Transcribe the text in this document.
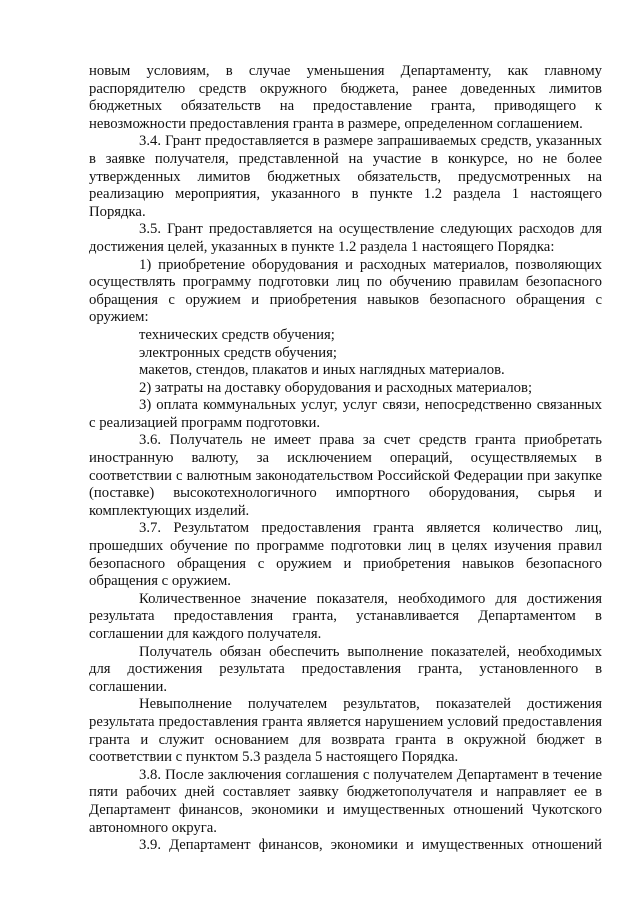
новым условиям, в случае уменьшения Департаменту, как главному распорядителю средств окружного бюджета, ранее доведенных лимитов бюджетных обязательств на предоставление гранта, приводящего к невозможности предоставления гранта в размере, определенном соглашением.

3.4. Грант предоставляется в размере запрашиваемых средств, указанных в заявке получателя, представленной на участие в конкурсе, но не более утвержденных лимитов бюджетных обязательств, предусмотренных на реализацию мероприятия, указанного в пункте 1.2 раздела 1 настоящего Порядка.

3.5. Грант предоставляется на осуществление следующих расходов для достижения целей, указанных в пункте 1.2 раздела 1 настоящего Порядка:

1) приобретение оборудования и расходных материалов, позволяющих осуществлять программу подготовки лиц по обучению правилам безопасного обращения с оружием и приобретения навыков безопасного обращения с оружием:

технических средств обучения;

электронных средств обучения;

макетов, стендов, плакатов и иных наглядных материалов.

2) затраты на доставку оборудования и расходных материалов;

3) оплата коммунальных услуг, услуг связи, непосредственно связанных с реализацией программ подготовки.

3.6. Получатель не имеет права за счет средств гранта приобретать иностранную валюту, за исключением операций, осуществляемых в соответствии с валютным законодательством Российской Федерации при закупке (поставке) высокотехнологичного импортного оборудования, сырья и комплектующих изделий.

3.7. Результатом предоставления гранта является количество лиц, прошедших обучение по программе подготовки лиц в целях изучения правил безопасного обращения с оружием и приобретения навыков безопасного обращения с оружием.

Количественное значение показателя, необходимого для достижения результата предоставления гранта, устанавливается Департаментом в соглашении для каждого получателя.

Получатель обязан обеспечить выполнение показателей, необходимых для достижения результата предоставления гранта, установленного в соглашении.

Невыполнение получателем результатов, показателей достижения результата предоставления гранта является нарушением условий предоставления гранта и служит основанием для возврата гранта в окружной бюджет в соответствии с пунктом 5.3 раздела 5 настоящего Порядка.

3.8. После заключения соглашения с получателем Департамент в течение пяти рабочих дней составляет заявку бюджетополучателя и направляет ее в Департамент финансов, экономики и имущественных отношений Чукотского автономного округа.

3.9. Департамент финансов, экономики и имущественных отношений
